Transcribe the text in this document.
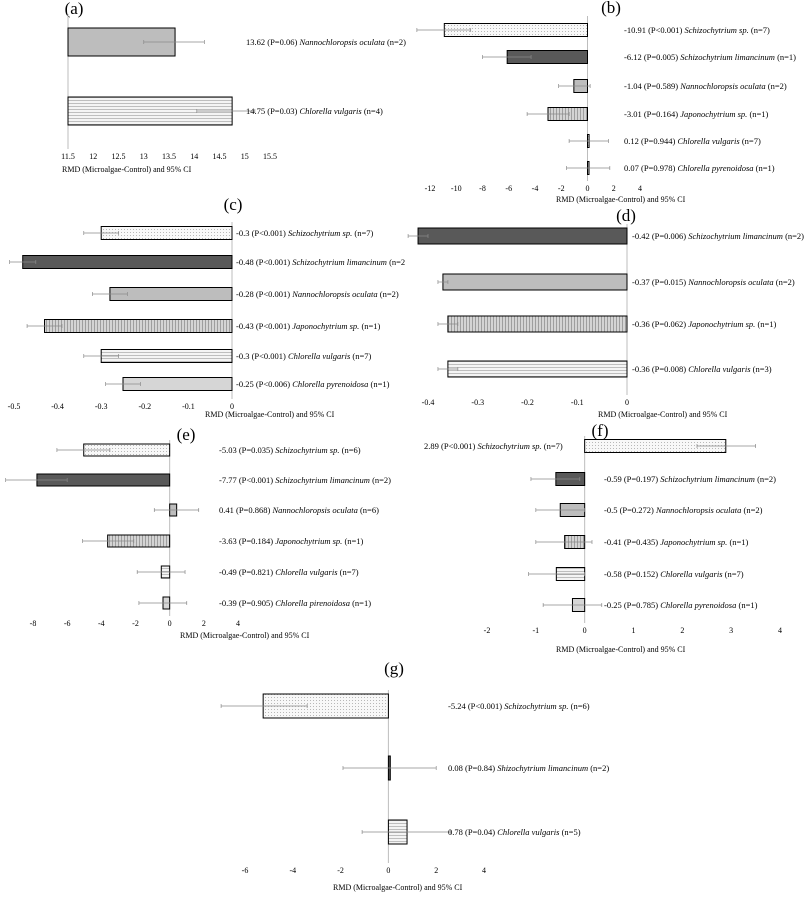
(a)
13.62 (P=0.06) Nannochloropsis oculata (n=2)
14.75 (P=0.03) Chlorella vulgaris (n=4)
11.5 12 12.5 13 13.5 14 14.5 15 15.5
RMD (Microalgae-Control) and 95% CI
(b)
-10.91 (P<0.001) Schizochytrium sp. (n=7)
-6.12 (P=0.005) Schizochytrium limancinum (n=1)
-1.04 (P=0.589) Nannochloropsis oculata (n=2)
-3.01 (P=0.164) Japonochytrium sp. (n=1)
0.12 (P=0.944) Chlorella vulgaris (n=7)
0.07 (P=0.978) Chlorella pyrenoidosa (n=1)
-12 -10 -8 -6 -4 -2	0	2	4
RMD (Microalgae-Control) and 95% CI
(c)
-0.3 (P<0.001) Schizochytrium sp. (n=7)
-0.48 (P<0.001) Schizochytrium limancinum (n=2
-0.28 (P<0.001) Nannochloropsis oculata (n=2)
-0.43 (P<0.001) Japonochytrium sp. (n=1)
-0.3 (P<0.001) Chlorella vulgaris (n=7)
-0.25 (P<0.006) Chlorella pyrenoidosa (n=1)
-0.5	-0.4	-0.3	-0.2	-0.1	0
RMD (Microalgae-Control) and 95% CI
(d)
-0.42 (P=0.006) Schizochytrium limancinum (n=2)
-0.37 (P=0.015) Nannochloropsis oculata (n=2)
-0.36 (P=0.062) Japonochytrium sp. (n=1)
-0.36 (P=0.008) Chlorella vulgaris (n=3)
-0.4	-0.3	-0.2	-0.1	0
RMD (Microalgae-Control) and 95% CI
(e)
-5.03 (P=0.035) Schizochytrium sp. (n=6)
-7.77 (P<0.001) Schizochytrium limancinum (n=2)
0.41 (P=0.868) Nannochloropsis oculata (n=6)
-3.63 (P=0.184) Japonochytrium sp. (n=1)
-0.49 (P=0.821) Chlorella vulgaris (n=7)
-0.39 (P=0.905) Chlorella pirenoidosa (n=1)
-8	-6	-4	-2	0	2	4
RMD (Microalgae-Control) and 95% CI
(f)
2.89 (P<0.001) Schizochytrium sp. (n=7)
-0.59 (P=0.197) Schizochytrium limancinum (n=2)
-0.5 (P=0.272) Nannochloropsis oculata (n=2)
-0.41 (P=0.435) Japonochytrium sp. (n=1)
-0.58 (P=0.152) Chlorella vulgaris (n=7)
-0.25 (P=0.785) Chlorella pyrenoidosa (n=1)
-2	-1	0	1	2	3	4
RMD (Microalgae-Control) and 95% CI
(g)
-5.24 (P<0.001) Schizochytrium sp. (n=6)
0.08 (P=0.84) Shizochytrium limancinum (n=2)
0.78 (P=0.04) Chlorella vulgaris (n=5)
-6	-4	-2	0	2	4
RMD (Microalgae-Control) and 95% CI
